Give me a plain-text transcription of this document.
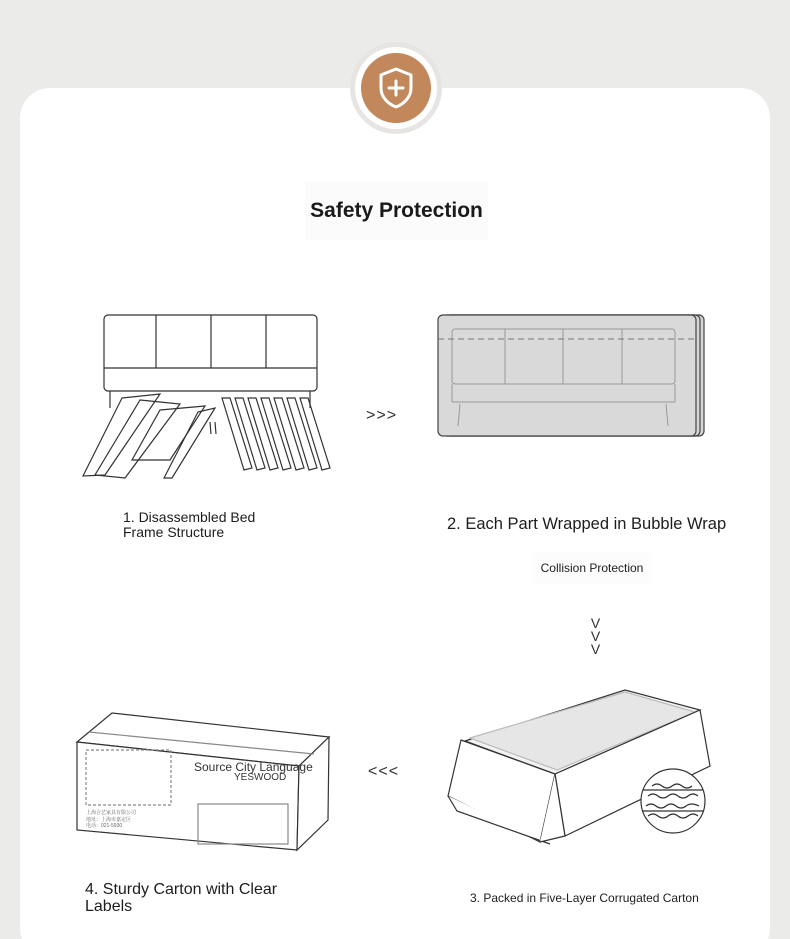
Safety Protection
>>>
Collision Protection
V
V
V
<<<
上海合艺家具有限公司
地址：上海市嘉定区
电话：021-5930
Source City Language
YESWOOD
1. Disassembled Bed Frame Structure	2. Each Part Wrapped in Bubble Wrap
3. Packed in Five-Layer Corrugated Carton
4. Sturdy Carton with Clear Labels
